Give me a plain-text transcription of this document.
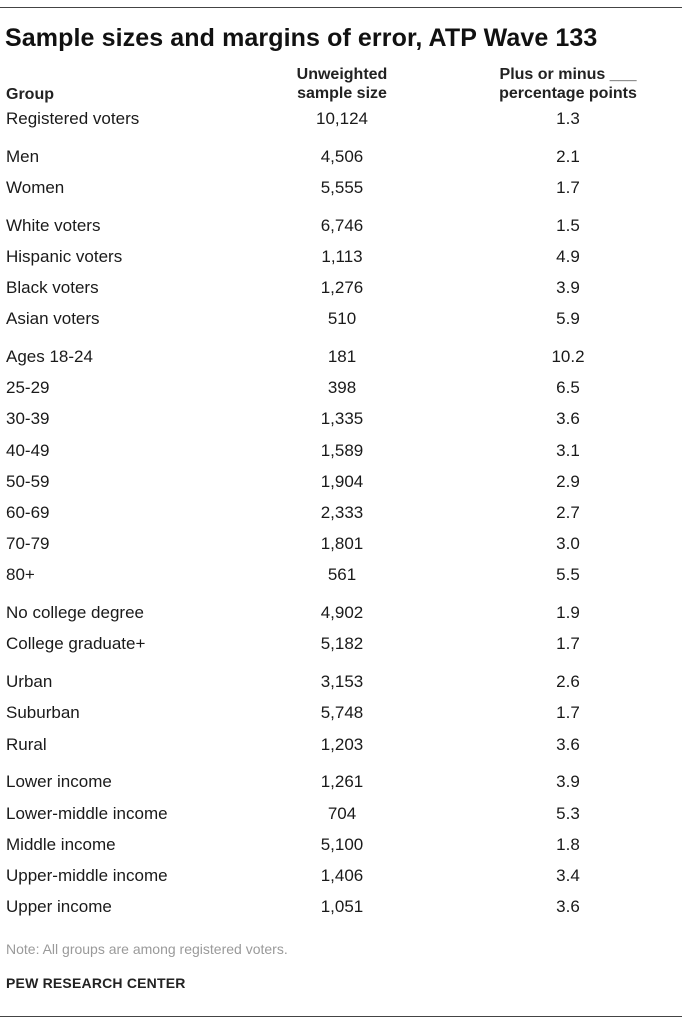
Sample sizes and margins of error, ATP Wave 133
Group
Unweighted
sample size
Plus or minus ___
percentage points
Registered voters	10,124	1.3
Men	4,506	2.1
Women	5,555	1.7
White voters	6,746	1.5
Hispanic voters	1,113	4.9
Black voters	1,276	3.9
Asian voters	510	5.9
Ages 18-24	181	10.2
25-29	398	6.5
30-39	1,335	3.6
40-49	1,589	3.1
50-59	1,904	2.9
60-69	2,333	2.7
70-79	1,801	3.0
80+	561	5.5
No college degree	4,902	1.9
College graduate+	5,182	1.7
Urban	3,153	2.6
Suburban	5,748	1.7
Rural	1,203	3.6
Lower income	1,261	3.9
Lower-middle income	704	5.3
Middle income	5,100	1.8
Upper-middle income	1,406	3.4
Upper income	1,051	3.6
Note: All groups are among registered voters.
PEW RESEARCH CENTER
